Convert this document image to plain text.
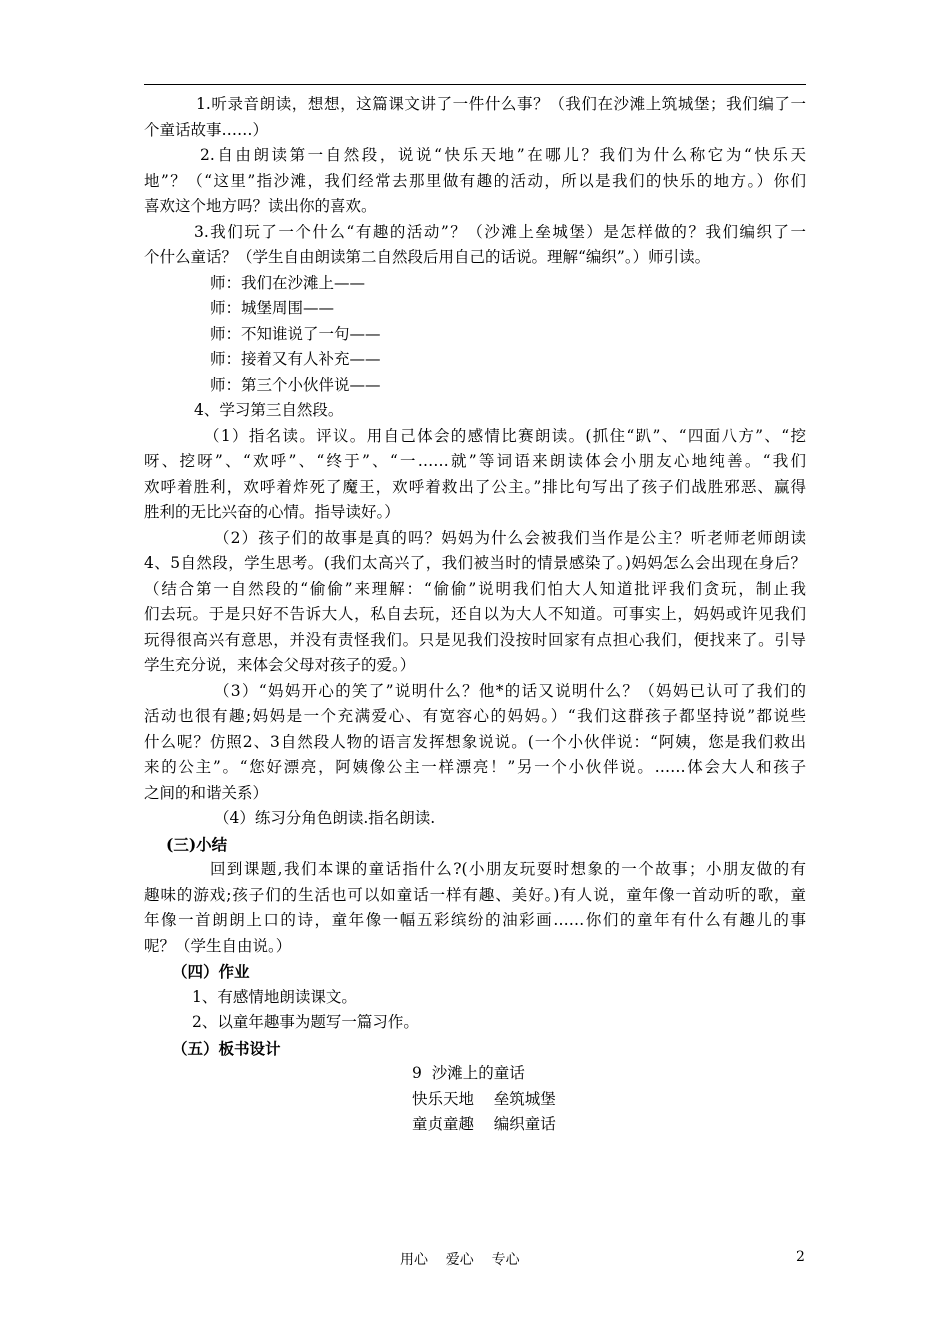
1.听录音朗读，想想，这篇课文讲了一件什么事？（我们在沙滩上筑城堡；我们编了一
个童话故事……）
2.自由朗读第一自然段，说说“快乐天地”在哪儿？我们为什么称它为“快乐天
地”？（“这里”指沙滩，我们经常去那里做有趣的活动，所以是我们的快乐的地方。）你们
喜欢这个地方吗？读出你的喜欢。
3.我们玩了一个什么“有趣的活动”？（沙滩上垒城堡）是怎样做的？我们编织了一
个什么童话？（学生自由朗读第二自然段后用自己的话说。理解“编织”。）师引读。
师：我们在沙滩上——
师：城堡周围——
师：不知谁说了一句——
师：接着又有人补充——
师：第三个小伙伴说——
4、学习第三自然段。
（1）指名读。评议。用自己体会的感情比赛朗读。(抓住“趴”、“四面八方”、“挖
呀、挖呀”、“欢呼”、“终于”、“一……就”等词语来朗读体会小朋友心地纯善。“我们
欢呼着胜利，欢呼着炸死了魔王，欢呼着救出了公主。”排比句写出了孩子们战胜邪恶、赢得
胜利的无比兴奋的心情。指导读好。）
（2）孩子们的故事是真的吗？妈妈为什么会被我们当作是公主？听老师老师朗读
4、5自然段，学生思考。(我们太高兴了，我们被当时的情景感染了。)妈妈怎么会出现在身后？
（结合第一自然段的“偷偷”来理解：“偷偷”说明我们怕大人知道批评我们贪玩，制止我
们去玩。于是只好不告诉大人，私自去玩，还自以为大人不知道。可事实上，妈妈或许见我们
玩得很高兴有意思，并没有责怪我们。只是见我们没按时回家有点担心我们，便找来了。引导
学生充分说，来体会父母对孩子的爱。）
（3）“妈妈开心的笑了”说明什么？他*的话又说明什么？（妈妈已认可了我们的
活动也很有趣;妈妈是一个充满爱心、有宽容心的妈妈。）“我们这群孩子都坚持说”都说些
什么呢？仿照2、3自然段人物的语言发挥想象说说。(一个小伙伴说：“阿姨，您是我们救出
来的公主”。“您好漂亮，阿姨像公主一样漂亮！”另一个小伙伴说。……体会大人和孩子
之间的和谐关系）
（4）练习分角色朗读.指名朗读.
(三)小结
回到课题,我们本课的童话指什么?(小朋友玩耍时想象的一个故事；小朋友做的有
趣味的游戏;孩子们的生活也可以如童话一样有趣、美好。)有人说，童年像一首动听的歌，童
年像一首朗朗上口的诗，童年像一幅五彩缤纷的油彩画……你们的童年有什么有趣儿的事
呢？（学生自由说。）
（四）作业
1、有感情地朗读课文。
2、以童年趣事为题写一篇习作。
（五）板书设计
9  沙滩上的童话
快乐天地    垒筑城堡
童贞童趣    编织童话
用心    爱心    专心	2
